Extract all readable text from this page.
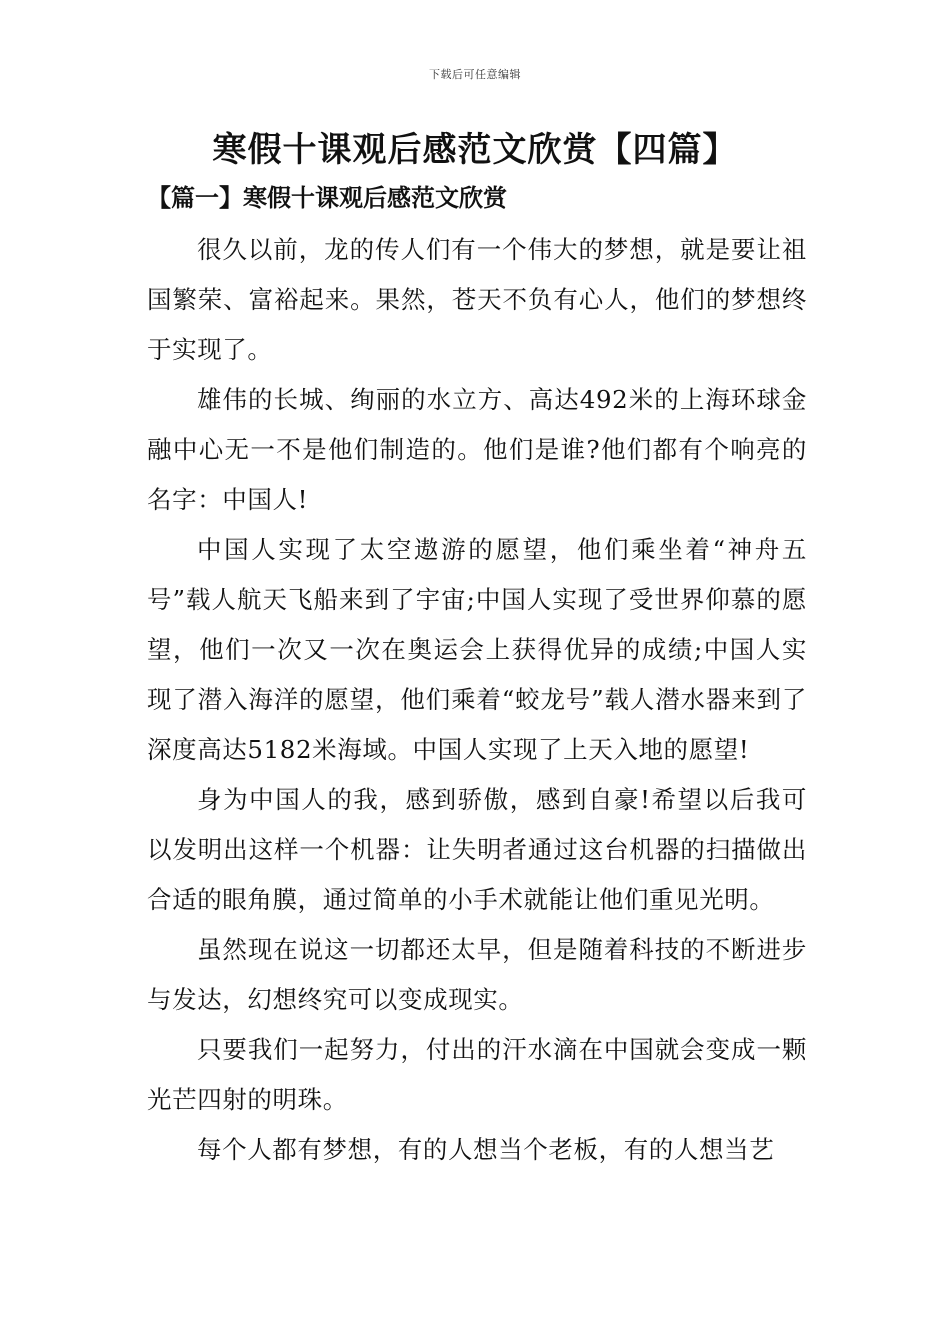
下载后可任意编辑
寒假十课观后感范文欣赏【四篇】
【篇一】寒假十课观后感范文欣赏

很久以前，龙的传人们有一个伟大的梦想，就是要让祖国繁荣、富裕起来。果然，苍天不负有心人，他们的梦想终于实现了。

雄伟的长城、绚丽的水立方、高达492米的上海环球金融中心无一不是他们制造的。他们是谁?他们都有个响亮的名字：中国人!

中国人实现了太空遨游的愿望，他们乘坐着“神舟五号”载人航天飞船来到了宇宙;中国人实现了受世界仰慕的愿望，他们一次又一次在奥运会上获得优异的成绩;中国人实现了潜入海洋的愿望，他们乘着“蛟龙号”载人潜水器来到了深度高达5182米海域。中国人实现了上天入地的愿望!

身为中国人的我，感到骄傲，感到自豪!希望以后我可以发明出这样一个机器：让失明者通过这台机器的扫描做出合适的眼角膜，通过简单的小手术就能让他们重见光明。

虽然现在说这一切都还太早，但是随着科技的不断进步与发达，幻想终究可以变成现实。

只要我们一起努力，付出的汗水滴在中国就会变成一颗光芒四射的明珠。

每个人都有梦想，有的人想当个老板，有的人想当艺
